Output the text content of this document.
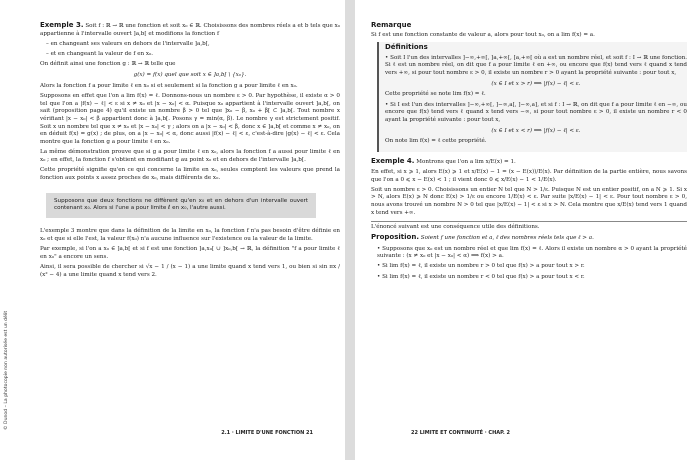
© Dunod – La photocopie non autorisée est un délit

Exemple 3. Soit f : ℝ → ℝ une fonction et soit x₀ ∈ ℝ. Choisissons des nombres réels a et b tels que x₀ appartienne à l'intervalle ouvert ]a,b[ et modifions la fonction f

– en changeant ses valeurs en dehors de l'intervalle ]a,b[,

– et en changeant la valeur de f en x₀.

On définit ainsi une fonction g : ℝ → ℝ telle que

g(x) = f(x) quel que soit x ∈ ]a,b[ \ {x₀}.

Alors la fonction f a pour limite ℓ en x₀ si et seulement si la fonction g a pour limite ℓ en x₀.

Supposons en effet que l'on a lim f(x) = ℓ. Donnons-nous un nombre ε > 0. Par hypothèse, il existe α > 0 tel que l'on a |f(x) − ℓ| < ε si x ≠ x₀ et |x − x₀| < α. Puisque x₀ appartient à l'intervalle ouvert ]a,b[, on sait (proposition page 4) qu'il existe un nombre β > 0 tel que ]x₀ − β, x₀ + β[ ⊂ ]a,b[. Tout nombre x vérifiant |x − x₀| < β appartient donc à ]a,b[. Posons γ = min(α, β). Le nombre γ est strictement positif. Soit x un nombre tel que x ≠ x₀ et |x − x₀| < γ ; alors on a |x − x₀| < β, donc x ∈ ]a,b[ et comme x ≠ x₀, on en déduit f(x) = g(x) ; de plus, on a |x − x₀| < α, donc aussi |f(x) − ℓ| < ε, c'est-à-dire |g(x) − ℓ| < ε. Cela montre que la fonction g a pour limite ℓ en x₀.

La même démonstration prouve que si g a pour limite ℓ en x₀, alors la fonction f a aussi pour limite ℓ en x₀ ; en effet, la fonction f s'obtient en modifiant g au point x₀ et en dehors de l'intervalle ]a,b[.

Cette propriété signifie qu'en ce qui concerne la limite en x₀, seules comptent les valeurs que prend la fonction aux points x assez proches de x₀, mais différents de x₀.

Supposons que deux fonctions ne diffèrent qu'en x₀ et en dehors d'un intervalle ouvert contenant x₀. Alors si l'une a pour limite ℓ en x₀, l'autre aussi.

L'exemple 3 montre que dans la définition de la limite en x₀, la fonction f n'a pas besoin d'être définie en x₀ et que si elle l'est, la valeur f(x₀) n'a aucune influence sur l'existence ou la valeur de la limite.

Par exemple, si l'on a x₀ ∈ ]a,b[ et si f est une fonction ]a,x₀[ ∪ ]x₀,b[ → ℝ, la définition "f a pour limite ℓ en x₀" a encore un sens.

Ainsi, il sera possible de chercher si √x − 1 / (x − 1) a une limite quand x tend vers 1, ou bien si sin πx / (x² − 4) a une limite quand x tend vers 2.

2.1 · LIMITE D'UNE FONCTION 21

Remarque

Si f est une fonction constante de valeur a, alors pour tout x₀, on a lim f(x) = a.

Définitions

• Soit I l'un des intervalles ]−∞,+∞[, ]a,+∞[, [a,+∞[ où a est un nombre réel, et soit f : I → ℝ une fonction. Si ℓ est un nombre réel, on dit que f a pour limite ℓ en +∞, ou encore que f(x) tend vers ℓ quand x tend vers +∞, si pour tout nombre ε > 0, il existe un nombre r > 0 ayant la propriété suivante : pour tout x,

(x ∈ I et x > r) ⟹ |f(x) − ℓ| < ε.

Cette propriété se note lim f(x) = ℓ.

• Si I est l'un des intervalles ]−∞,+∞[, ]−∞,a[, ]−∞,a], et si f : I → ℝ, on dit que f a pour limite ℓ en −∞, ou encore que f(x) tend vers ℓ quand x tend vers −∞, si pour tout nombre ε > 0, il existe un nombre r < 0 ayant la propriété suivante : pour tout x,

(x ∈ I et x < r) ⟹ |f(x) − ℓ| < ε.

On note lim f(x) = ℓ cette propriété.

Exemple 4. Montrons que l'on a lim x/E(x) = 1.

En effet, si x ⩾ 1, alors E(x) ⩾ 1 et x/E(x) − 1 = (x − E(x))/E(x). Par définition de la partie entière, nous savons que l'on a 0 ⩽ x − E(x) < 1 ; il vient donc 0 ⩽ x/E(x) − 1 < 1/E(x).

Soit un nombre ε > 0. Choisissons un entier N tel que N > 1/ε. Puisque N est un entier positif, on a N ⩾ 1. Si x > N, alors E(x) ⩾ N donc E(x) > 1/ε ou encore 1/E(x) < ε. Par suite |x/E(x) − 1| < ε. Pour tout nombre ε > 0, nous avons trouvé un nombre N > 0 tel que |x/E(x) − 1| < ε si x > N. Cela montre que x/E(x) tend vers 1 quand x tend vers +∞.

L'énoncé suivant est une conséquence utile des définitions.

Proposition. Soient f une fonction et a, ℓ des nombres réels tels que ℓ > a.

• Supposons que x₀ est un nombre réel et que lim f(x) = ℓ. Alors il existe un nombre α > 0 ayant la propriété suivante : (x ≠ x₀ et |x − x₀| < α) ⟹ f(x) > a.

• Si lim f(x) = ℓ, il existe un nombre r > 0 tel que f(x) > a pour tout x > r.

• Si lim f(x) = ℓ, il existe un nombre r < 0 tel que f(x) > a pour tout x < r.

22 LIMITE ET CONTINUITÉ · CHAP. 2
